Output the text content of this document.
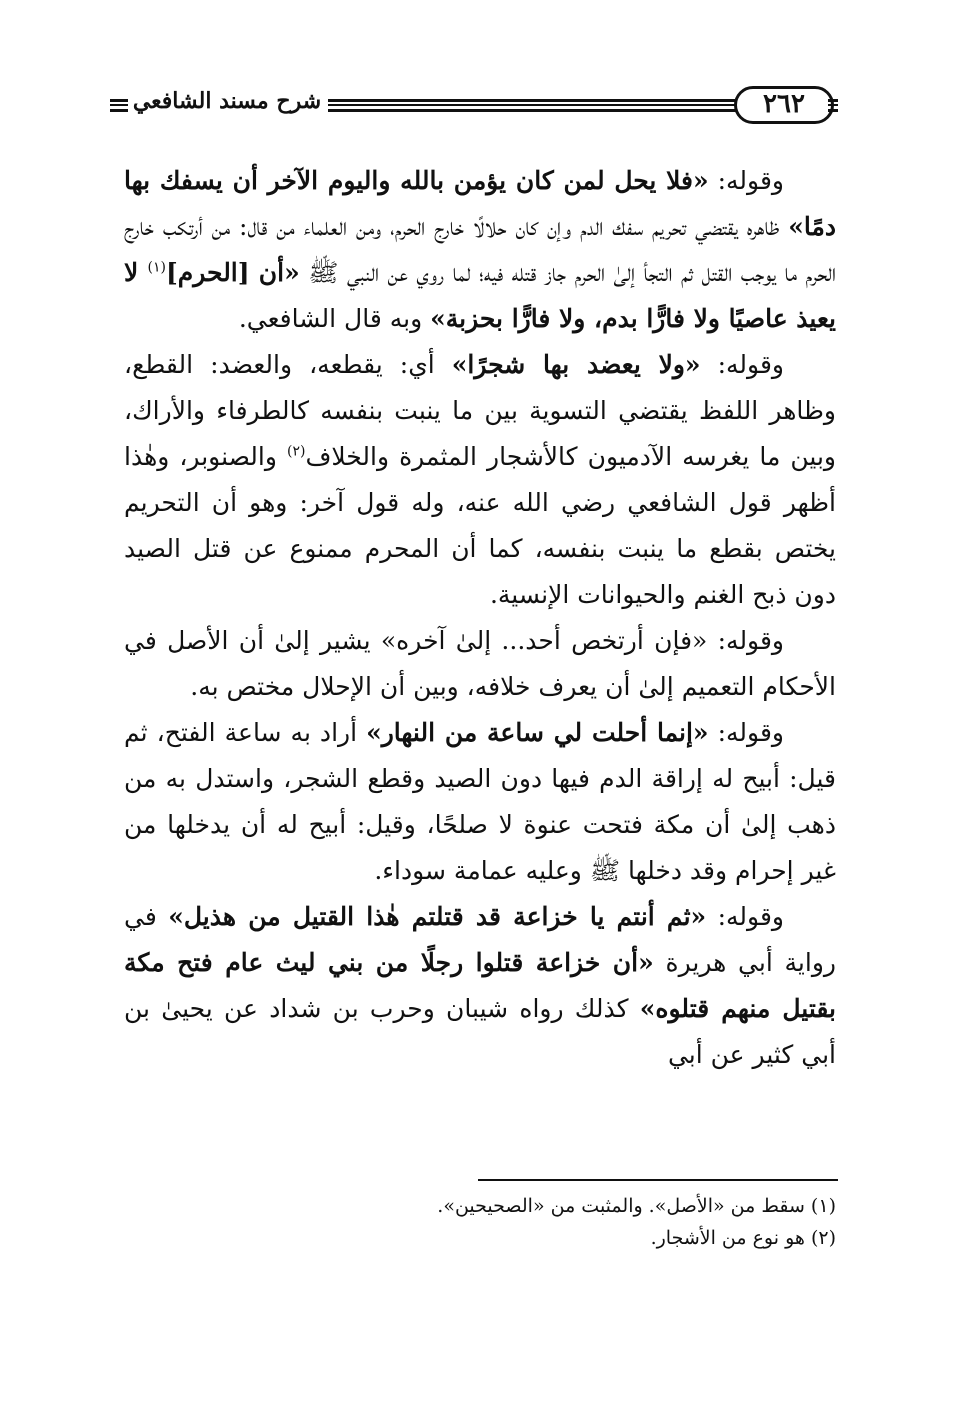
شرح مسند الشافعي	٢٦٢

وقوله: «فلا يحل لمن كان يؤمن بالله واليوم الآخر أن يسفك بها دمًا» ظاهره يقتضي تحريم سفك الدم وإن كان حلالًا خارج الحرم، ومن العلماء من قال: من أرتكب خارج الحرم ما يوجب القتل ثم التجأ إلىٰ الحرم جاز قتله فيه؛ لما روي عن النبي ﷺ «أن [الحرم]$^{(١)}$ لا يعيذ عاصيًا ولا فارًّا بدم، ولا فارًّا بحزبة» وبه قال الشافعي.

وقوله: «ولا يعضد بها شجرًا» أي: يقطعه، والعضد: القطع، وظاهر اللفظ يقتضي التسوية بين ما ينبت بنفسه كالطرفاء والأراك، وبين ما يغرسه الآدميون كالأشجار المثمرة والخلاف$^{(٢)}$ والصنوبر، وهٰذا أظهر قول الشافعي رضي الله عنه، وله قول آخر: وهو أن التحريم يختص بقطع ما ينبت بنفسه، كما أن المحرم ممنوع عن قتل الصيد دون ذبح الغنم والحيوانات الإنسية.

وقوله: «فإن أرتخص أحد... إلىٰ آخره» يشير إلىٰ أن الأصل في الأحكام التعميم إلىٰ أن يعرف خلافه، وبين أن الإحلال مختص به.

وقوله: «إنما أحلت لي ساعة من النهار» أراد به ساعة الفتح، ثم قيل: أبيح له إراقة الدم فيها دون الصيد وقطع الشجر، واستدل به من ذهب إلىٰ أن مكة فتحت عنوة لا صلحًا، وقيل: أبيح له أن يدخلها من غير إحرام وقد دخلها ﷺ وعليه عمامة سوداء.

وقوله: «ثم أنتم يا خزاعة قد قتلتم هٰذا القتيل من هذيل» في رواية أبي هريرة «أن خزاعة قتلوا رجلًا من بني ليث عام فتح مكة بقتيل منهم قتلوه» كذلك رواه شيبان وحرب بن شداد عن يحيىٰ بن أبي كثير عن أبي

(١) سقط من «الأصل». والمثبت من «الصحيحين».
(٢) هو نوع من الأشجار.
